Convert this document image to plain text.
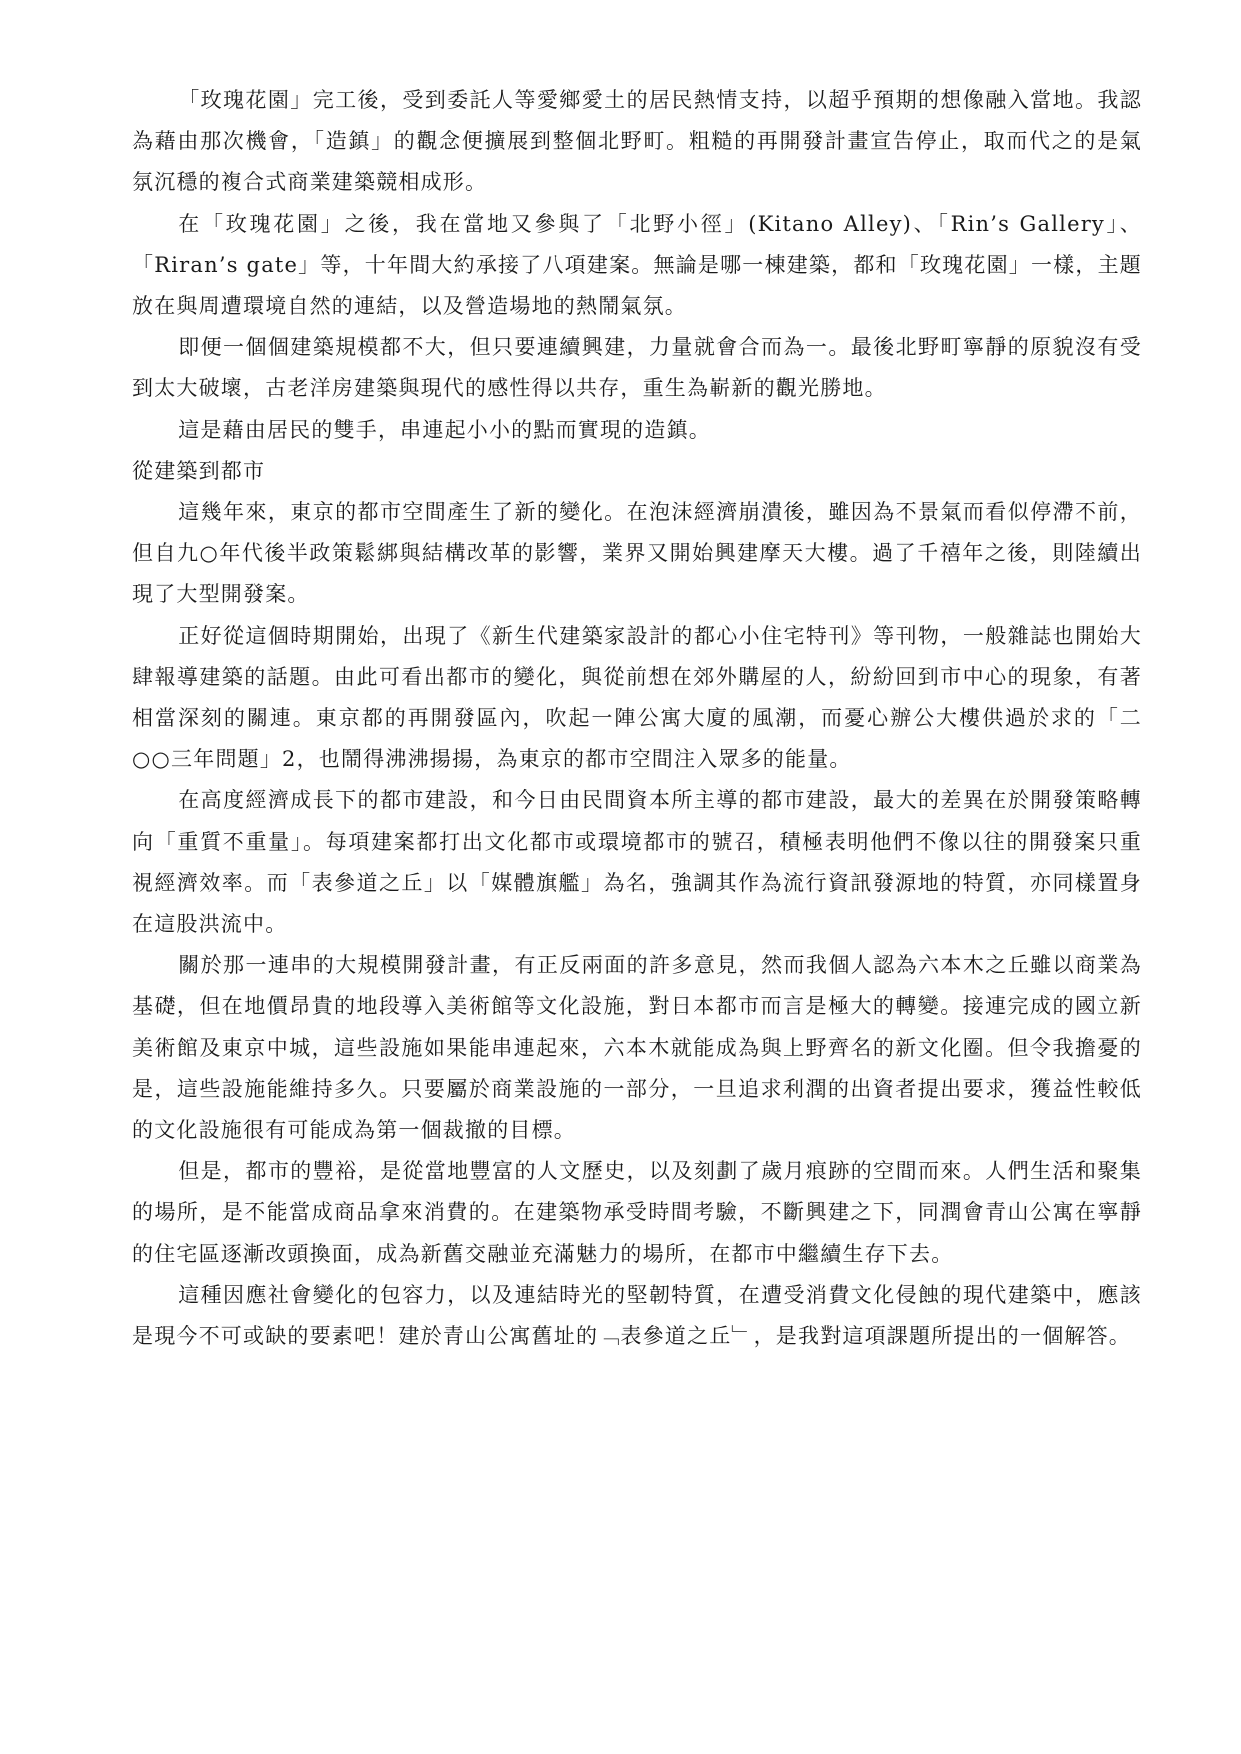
「玫瑰花園」完工後，受到委託人等愛鄉愛土的居民熱情支持，以超乎預期的想像融入當地。我認為藉由那次機會，「造鎮」的觀念便擴展到整個北野町。粗糙的再開發計畫宣告停止，取而代之的是氣氛沉穩的複合式商業建築競相成形。

在「玫瑰花園」之後，我在當地又參與了「北野小徑」(Kitano Alley)、「Rin’s Gallery」、「Riran’s gate」等，十年間大約承接了八項建案。無論是哪一棟建築，都和「玫瑰花園」一樣，主題放在與周遭環境自然的連結，以及營造場地的熱鬧氣氛。

即便一個個建築規模都不大，但只要連續興建，力量就會合而為一。最後北野町寧靜的原貌沒有受到太大破壞，古老洋房建築與現代的感性得以共存，重生為嶄新的觀光勝地。

這是藉由居民的雙手，串連起小小的點而實現的造鎮。

從建築到都市

這幾年來，東京的都市空間產生了新的變化。在泡沫經濟崩潰後，雖因為不景氣而看似停滯不前，但自九○年代後半政策鬆綁與結構改革的影響，業界又開始興建摩天大樓。過了千禧年之後，則陸續出現了大型開發案。

正好從這個時期開始，出現了《新生代建築家設計的都心小住宅特刊》等刊物，一般雜誌也開始大肆報導建築的話題。由此可看出都市的變化，與從前想在郊外購屋的人，紛紛回到市中心的現象，有著相當深刻的關連。東京都的再開發區內，吹起一陣公寓大廈的風潮，而憂心辦公大樓供過於求的「二○○三年問題」2，也鬧得沸沸揚揚，為東京的都市空間注入眾多的能量。

在高度經濟成長下的都市建設，和今日由民間資本所主導的都市建設，最大的差異在於開發策略轉向「重質不重量」。每項建案都打出文化都市或環境都市的號召，積極表明他們不像以往的開發案只重視經濟效率。而「表參道之丘」以「媒體旗艦」為名，強調其作為流行資訊發源地的特質，亦同樣置身在這股洪流中。

關於那一連串的大規模開發計畫，有正反兩面的許多意見，然而我個人認為六本木之丘雖以商業為基礎，但在地價昂貴的地段導入美術館等文化設施，對日本都市而言是極大的轉變。接連完成的國立新美術館及東京中城，這些設施如果能串連起來，六本木就能成為與上野齊名的新文化圈。但令我擔憂的是，這些設施能維持多久。只要屬於商業設施的一部分，一旦追求利潤的出資者提出要求，獲益性較低的文化設施很有可能成為第一個裁撤的目標。

但是，都市的豐裕，是從當地豐富的人文歷史，以及刻劃了歲月痕跡的空間而來。人們生活和聚集的場所，是不能當成商品拿來消費的。在建築物承受時間考驗，不斷興建之下，同潤會青山公寓在寧靜的住宅區逐漸改頭換面，成為新舊交融並充滿魅力的場所，在都市中繼續生存下去。

這種因應社會變化的包容力，以及連結時光的堅韌特質，在遭受消費文化侵蝕的現代建築中，應該是現今不可或缺的要素吧！建於青山公寓舊址的﹁表參道之丘﹂，是我對這項課題所提出的一個解答。
